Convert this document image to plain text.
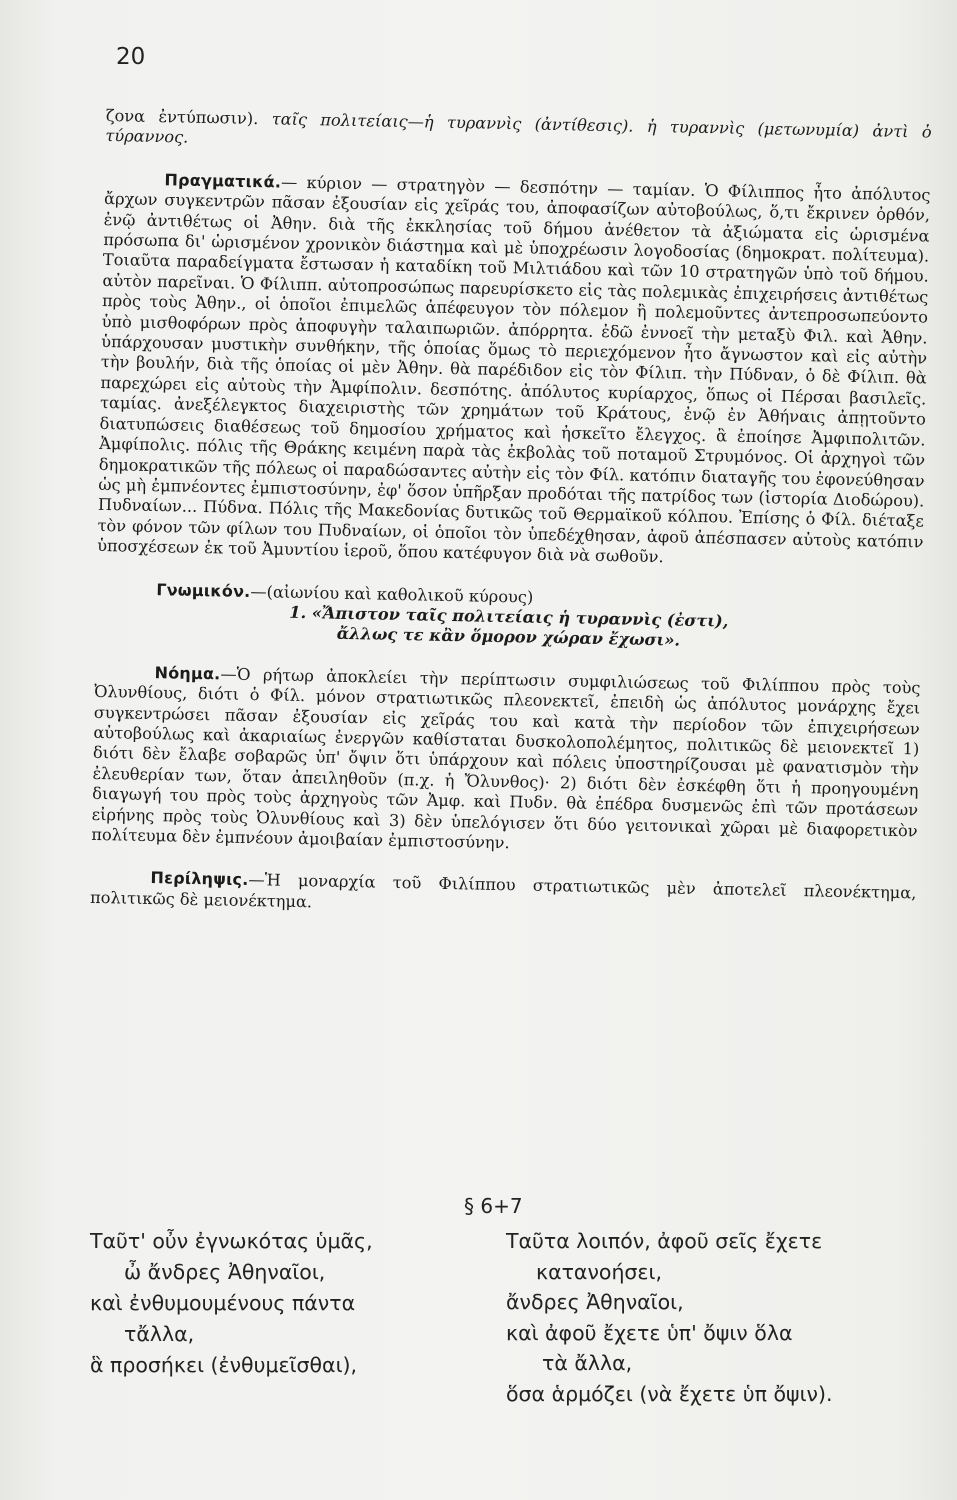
20

ζονα ἐντύπωσιν). ταῖς πολιτείαις—ἡ τυραννὶς (ἀντίθεσις). ἡ τυραννὶς (μετωνυμία) ἀντὶ ὁ τύραννος.

Πραγματικά.— κύριον — στρατηγὸν — δεσπότην — ταμίαν. Ὁ Φίλιππος ἦτο ἀπόλυτος ἄρχων συγκεντρῶν πᾶσαν ἐξουσίαν εἰς χεῖράς του, ἀποφασίζων αὐτοβούλως, ὅ,τι ἔκρινεν ὀρθόν, ἐνῷ ἀντιθέτως οἱ Ἀθην. διὰ τῆς ἐκκλησίας τοῦ δήμου ἀνέθετον τὰ ἀξιώματα εἰς ὡρισμένα πρόσωπα δι' ὡρισμένον χρονικὸν διάστημα καὶ μὲ ὑποχρέωσιν λογοδοσίας (δημοκρατ. πολίτευμα). Τοιαῦτα παραδείγματα ἔστωσαν ἡ καταδίκη τοῦ Μιλτιάδου καὶ τῶν 10 στρατηγῶν ὑπὸ τοῦ δήμου. αὐτὸν παρεῖναι. Ὁ Φίλιππ. αὐτοπροσώπως παρευρίσκετο εἰς τὰς πολεμικὰς ἐπιχειρήσεις ἀντιθέτως πρὸς τοὺς Ἀθην., οἱ ὁποῖοι ἐπιμελῶς ἀπέφευγον τὸν πόλεμον ἢ πολεμοῦντες ἀντεπροσωπεύοντο ὑπὸ μισθοφόρων πρὸς ἀποφυγὴν ταλαιπωριῶν. ἀπόρρητα. ἐδῶ ἐννοεῖ τὴν μεταξὺ Φιλ. καὶ Ἀθην. ὑπάρχουσαν μυστικὴν συνθήκην, τῆς ὁποίας ὅμως τὸ περιεχόμενον ἦτο ἄγνωστον καὶ εἰς αὐτὴν τὴν βουλήν, διὰ τῆς ὁποίας οἱ μὲν Ἀθην. θὰ παρέδιδον εἰς τὸν Φίλιπ. τὴν Πύδναν, ὁ δὲ Φίλιπ. θὰ παρεχώρει εἰς αὐτοὺς τὴν Ἀμφίπολιν. δεσπότης. ἀπόλυτος κυρίαρχος, ὅπως οἱ Πέρσαι βασιλεῖς. ταμίας. ἀνεξέλεγκτος διαχειριστὴς τῶν χρημάτων τοῦ Κράτους, ἐνῷ ἐν Ἀθήναις ἀπῃτοῦντο διατυπώσεις διαθέσεως τοῦ δημοσίου χρήματος καὶ ἠσκεῖτο ἔλεγχος. ἃ ἐποίησε Ἀμφιπολιτῶν. Ἀμφίπολις. πόλις τῆς Θράκης κειμένη παρὰ τὰς ἐκβολὰς τοῦ ποταμοῦ Στρυμόνος. Οἱ ἀρχηγοὶ τῶν δημοκρατικῶν τῆς πόλεως οἱ παραδώσαντες αὐτὴν εἰς τὸν Φίλ. κατόπιν διαταγῆς του ἐφονεύθησαν ὡς μὴ ἐμπνέοντες ἐμπιστοσύνην, ἐφ' ὅσον ὑπῆρξαν προδόται τῆς πατρίδος των (ἱστορία Διοδώρου). Πυδναίων... Πύδνα. Πόλις τῆς Μακεδονίας δυτικῶς τοῦ Θερμαϊκοῦ κόλπου. Ἐπίσης ὁ Φίλ. διέταξε τὸν φόνον τῶν φίλων του Πυδναίων, οἱ ὁποῖοι τὸν ὑπεδέχθησαν, ἀφοῦ ἀπέσπασεν αὐτοὺς κατόπιν ὑποσχέσεων ἐκ τοῦ Ἀμυντίου ἱεροῦ, ὅπου κατέφυγον διὰ νὰ σωθοῦν.

Γνωμικόν.—(αἰωνίου καὶ καθολικοῦ κύρους)

1. «Ἄπιστον ταῖς πολιτείαις ἡ τυραννὶς (ἐστι),

ἄλλως τε κἂν ὅμορον χώραν ἔχωσι».

Νόημα.—Ὁ ρήτωρ ἀποκλείει τὴν περίπτωσιν συμφιλιώσεως τοῦ Φιλίππου πρὸς τοὺς Ὀλυνθίους, διότι ὁ Φίλ. μόνον στρατιωτικῶς πλεονεκτεῖ, ἐπειδὴ ὡς ἀπόλυτος μονάρχης ἔχει συγκεντρώσει πᾶσαν ἐξουσίαν εἰς χεῖράς του καὶ κατὰ τὴν περίοδον τῶν ἐπιχειρήσεων αὐτοβούλως καὶ ἀκαριαίως ἐνεργῶν καθίσταται δυσκολοπολέμητος, πολιτικῶς δὲ μειονεκτεῖ 1) διότι δὲν ἔλαβε σοβαρῶς ὑπ' ὄψιν ὅτι ὑπάρχουν καὶ πόλεις ὑποστηρίζουσαι μὲ φανατισμὸν τὴν ἐλευθερίαν των, ὅταν ἀπειληθοῦν (π.χ. ἡ Ὄλυνθος)· 2) διότι δὲν ἐσκέφθη ὅτι ἡ προηγουμένη διαγωγή του πρὸς τοὺς ἀρχηγοὺς τῶν Ἀμφ. καὶ Πυδν. θὰ ἐπέδρα δυσμενῶς ἐπὶ τῶν προτάσεων εἰρήνης πρὸς τοὺς Ὀλυνθίους καὶ 3) δὲν ὑπελόγισεν ὅτι δύο γειτονικαὶ χῶραι μὲ διαφορετικὸν πολίτευμα δὲν ἐμπνέουν ἀμοιβαίαν ἐμπιστοσύνην.

Περίληψις.—Ἡ μοναρχία τοῦ Φιλίππου στρατιωτικῶς μὲν ἀποτελεῖ πλεονέκτημα, πολιτικῶς δὲ μειονέκτημα.

§ 6+7
Ταῦτ' οὖν ἐγνωκότας ὑμᾶς,
ὦ ἄνδρες Ἀθηναῖοι,
καὶ ἐνθυμουμένους πάντα
τἄλλα,
ἃ προσήκει (ἐνθυμεῖσθαι),
Ταῦτα λοιπόν, ἀφοῦ σεῖς ἔχετε
κατανοήσει,
ἄνδρες Ἀθηναῖοι,
καὶ ἀφοῦ ἔχετε ὑπ' ὄψιν ὅλα
τὰ ἄλλα,
ὅσα ἁρμόζει (νὰ ἔχετε ὑπ ὄψιν).
